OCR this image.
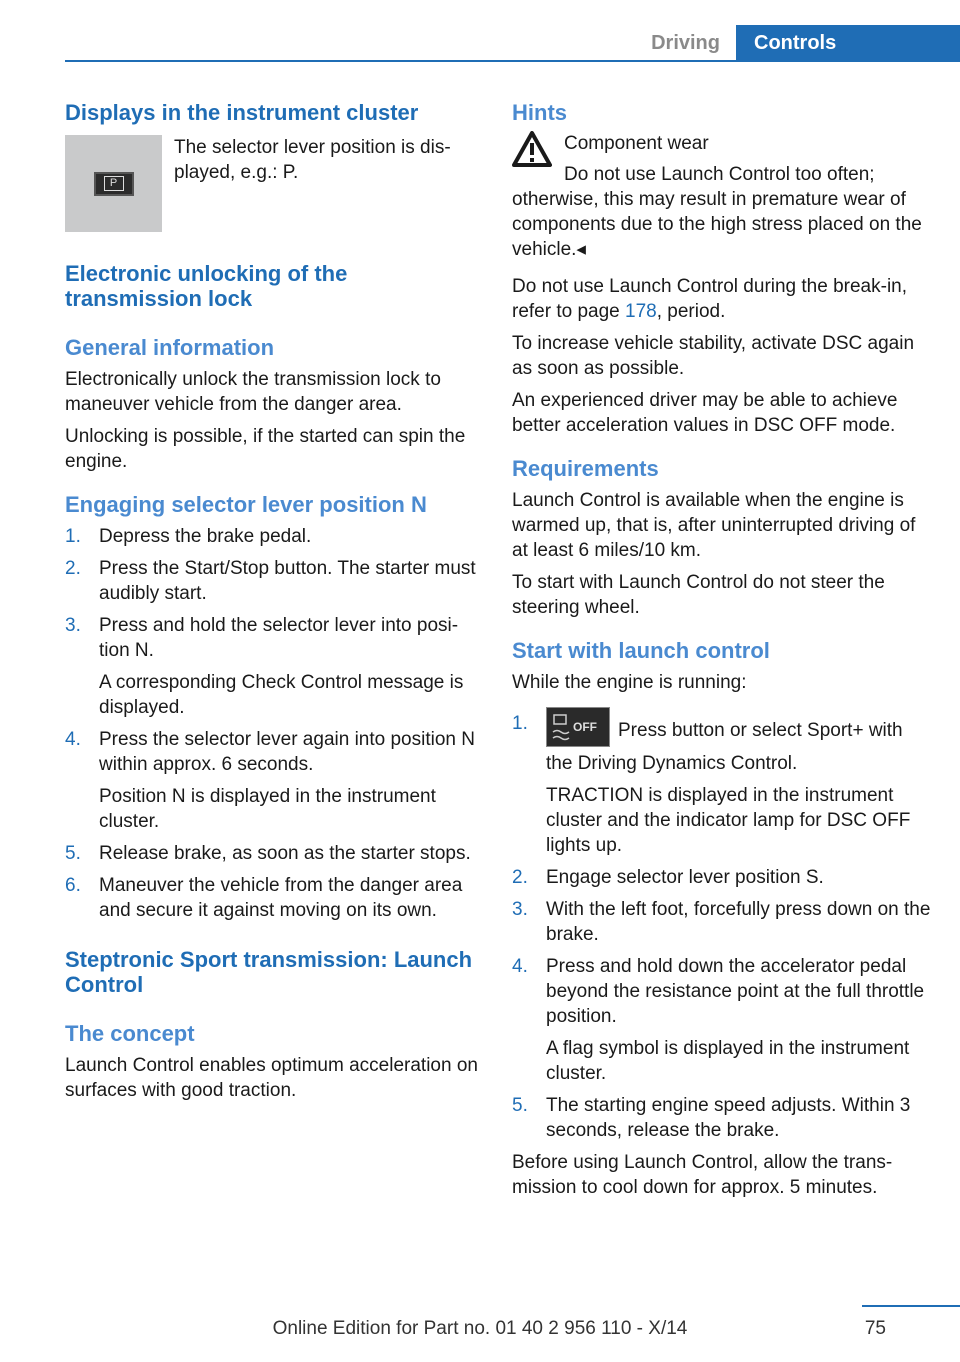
Driving	Controls
Displays in the instrument cluster
P

The selector lever position is displayed, e.g.: P.

Electronic unlocking of the transmission lock
General information

Electronically unlock the transmission lock to maneuver vehicle from the danger area.

Unlocking is possible, if the started can spin the engine.

Engaging selector lever position N
1. Depress the brake pedal.

2. Press the Start/Stop button. The starter must audibly start.

3. Press and hold the selector lever into position N.

A corresponding Check Control message is displayed.

4. Press the selector lever again into position N within approx. 6 seconds.

Position N is displayed in the instrument cluster.

5. Release brake, as soon as the starter stops.

6. Maneuver the vehicle from the danger area and secure it against moving on its own.

Steptronic Sport transmission: Launch Control
The concept

Launch Control enables optimum acceleration on surfaces with good traction.

Hints

Component wear

Do not use Launch Control too often;

otherwise, this may result in premature wear of components due to the high stress placed on the vehicle.◂

Do not use Launch Control during the break-in, refer to page 178, period.

To increase vehicle stability, activate DSC again as soon as possible.

An experienced driver may be able to achieve better acceleration values in DSC OFF mode.

Requirements

Launch Control is available when the engine is warmed up, that is, after uninterrupted driving of at least 6 miles/10 km.

To start with Launch Control do not steer the steering wheel.

Start with launch control

While the engine is running:

1.	OFF Press button or select Sport+ with the Driving Dynamics Control.

TRACTION is displayed in the instrument cluster and the indicator lamp for DSC OFF lights up.

2. Engage selector lever position S.

3. With the left foot, forcefully press down on the brake.

4. Press and hold down the accelerator pedal beyond the resistance point at the full throttle position.

A flag symbol is displayed in the instrument cluster.

5. The starting engine speed adjusts. Within 3 seconds, release the brake.

Before using Launch Control, allow the transmission to cool down for approx. 5 minutes.

75
Online Edition for Part no. 01 40 2 956 110 - X/14
